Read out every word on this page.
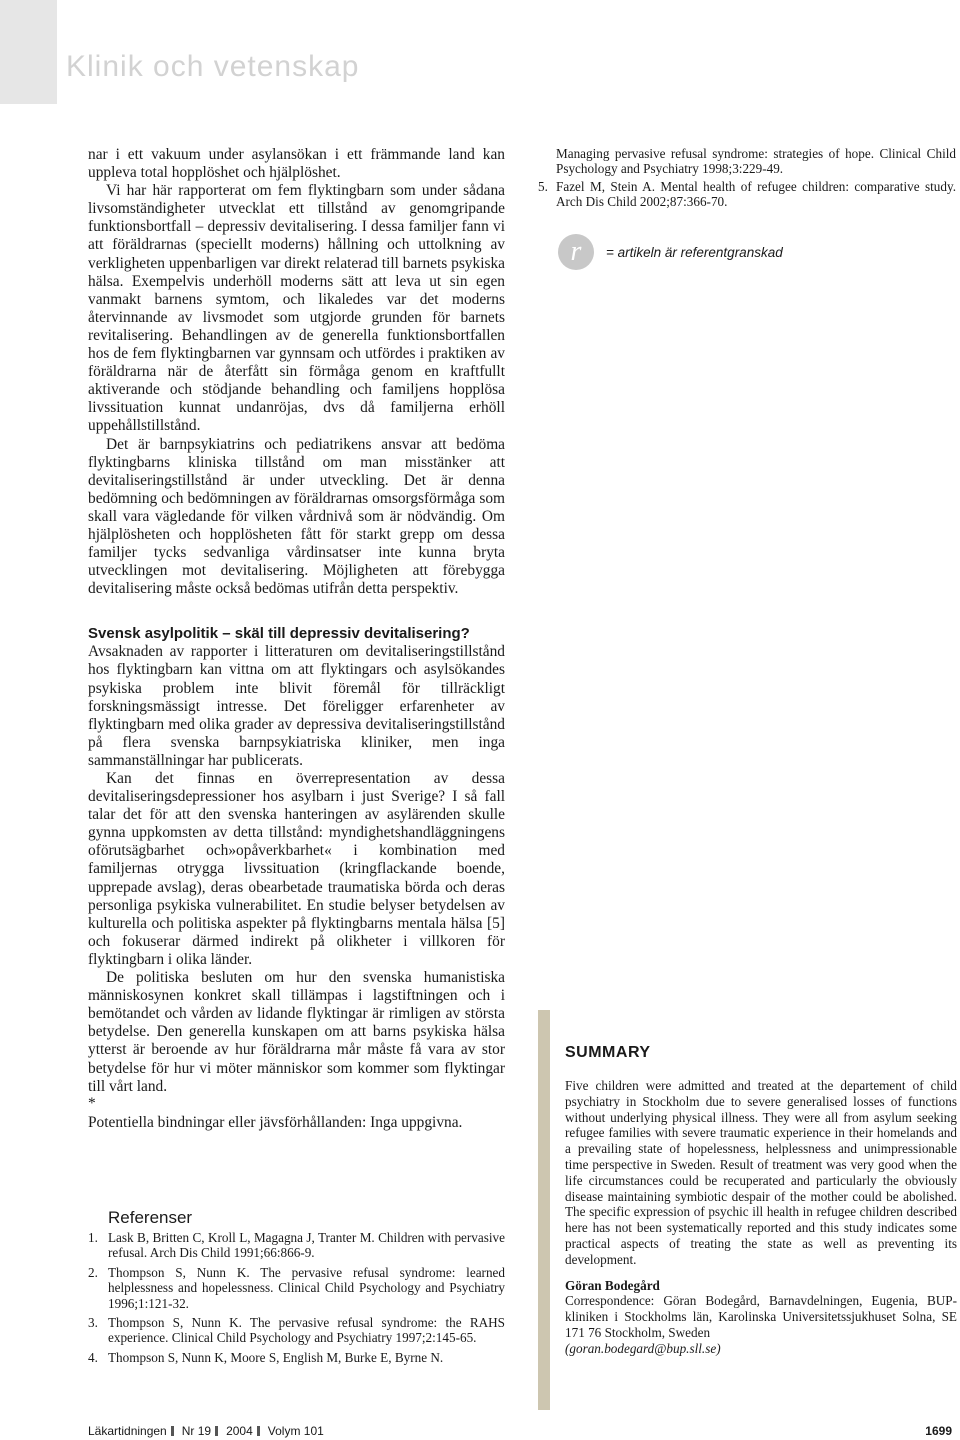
Klinik och vetenskap

nar i ett vakuum under asylansökan i ett främmande land kan uppleva total hopplöshet och hjälplöshet.

Vi har här rapporterat om fem flyktingbarn som under sådana livsomständigheter utvecklat ett tillstånd av genomgripande funktionsbortfall – depressiv devitalisering. I dessa familjer fann vi att föräldrarnas (speciellt moderns) hållning och uttolkning av verkligheten uppenbarligen var direkt relaterad till barnets psykiska hälsa. Exempelvis underhöll moderns sätt att leva ut sin egen vanmakt barnens symtom, och likaledes var det moderns återvinnande av livsmodet som utgjorde grunden för barnets revitalisering. Behandlingen av de generella funktionsbortfallen hos de fem flyktingbarnen var gynnsam och utfördes i praktiken av föräldrarna när de återfått sin förmåga genom en kraftfullt aktiverande och stödjande behandling och familjens hopplösa livssituation kunnat undanröjas, dvs då familjerna erhöll uppehållstillstånd.

Det är barnpsykiatrins och pediatrikens ansvar att bedöma flyktingbarns kliniska tillstånd om man misstänker att devitaliseringstillstånd är under utveckling. Det är denna bedömning och bedömningen av föräldrarnas omsorgsförmåga som skall vara vägledande för vilken vårdnivå som är nödvändig. Om hjälplösheten och hopplösheten fått för starkt grepp om dessa familjer tycks sedvanliga vårdinsatser inte kunna bryta utvecklingen mot devitalisering. Möjligheten att förebygga devitalisering måste också bedömas utifrån detta perspektiv.

Svensk asylpolitik – skäl till depressiv devitalisering?

Avsaknaden av rapporter i litteraturen om devitaliseringstillstånd hos flyktingbarn kan vittna om att flyktingars och asylsökandes psykiska problem inte blivit föremål för tillräckligt forskningsmässigt intresse. Det föreligger erfarenheter av flyktingbarn med olika grader av depressiva devitaliseringstillstånd på flera svenska barnpsykiatriska kliniker, men inga sammanställningar har publicerats.

Kan det finnas en överrepresentation av dessa devitaliseringsdepressioner hos asylbarn i just Sverige? I så fall talar det för att den svenska hanteringen av asylärenden skulle gynna uppkomsten av detta tillstånd: myndighetshandläggningens oförutsägbarhet och»opåverkbarhet« i kombination med familjernas otrygga livssituation (kringflackande boende, upprepade avslag), deras obearbetade traumatiska börda och deras personliga psykiska vulnerabilitet. En studie belyser betydelsen av kulturella och politiska aspekter på flyktingbarns mentala hälsa [5] och fokuserar därmed indirekt på olikheter i villkoren för flyktingbarn i olika länder.

De politiska besluten om hur den svenska humanistiska människosynen konkret skall tillämpas i lagstiftningen och i bemötandet och vården av lidande flyktingar är rimligen av största betydelse. Den generella kunskapen om att barns psykiska hälsa ytterst är beroende av hur föräldrarna mår måste få vara av stor betydelse för hur vi möter människor som kommer som flyktingar till vårt land.

*

Potentiella bindningar eller jävsförhållanden: Inga uppgivna.

Referenser
1. Lask B, Britten C, Kroll L, Magagna J, Tranter M. Children with pervasive refusal. Arch Dis Child 1991;66:866-9.
2. Thompson S, Nunn K. The pervasive refusal syndrome: learned helplessness and hopelessness. Clinical Child Psychology and Psychiatry 1996;1:121-32.
3. Thompson S, Nunn K. The pervasive refusal syndrome: the RAHS experience. Clinical Child Psychology and Psychiatry 1997;2:145-65.
4. Thompson S, Nunn K, Moore S, English M, Burke E, Byrne N.
Managing pervasive refusal syndrome: strategies of hope. Clinical Child Psychology and Psychiatry 1998;3:229-49.
5. Fazel M, Stein A. Mental health of refugee children: comparative study. Arch Dis Child 2002;87:366-70.
r	= artikeln är referentgranskad
SUMMARY

Five children were admitted and treated at the departement of child psychiatry in Stockholm due to severe generalised losses of functions without underlying physical illness. They were all from asylum seeking refugee families with severe traumatic experience in their homelands and a prevailing state of hopelessness, helplessness and unimpressionable time perspective in Sweden. Result of treatment was very good when the life circumstances could be recuperated and particularly the obviously disease maintaining symbiotic despair of the mother could be abolished. The specific expression of psychic ill health in refugee children described here has not been systematically reported and this study indicates some practical aspects of treating the state as well as preventing its development.

Göran Bodegård

Correspondence: Göran Bodegård, Barnavdelningen, Eugenia, BUP-kliniken i Stockholms län, Karolinska Universitetssjukhuset Solna, SE 171 76 Stockholm, Sweden

(goran.bodegard@bup.sll.se)

Läkartidningen Nr 19 2004 Volym 101	1699
